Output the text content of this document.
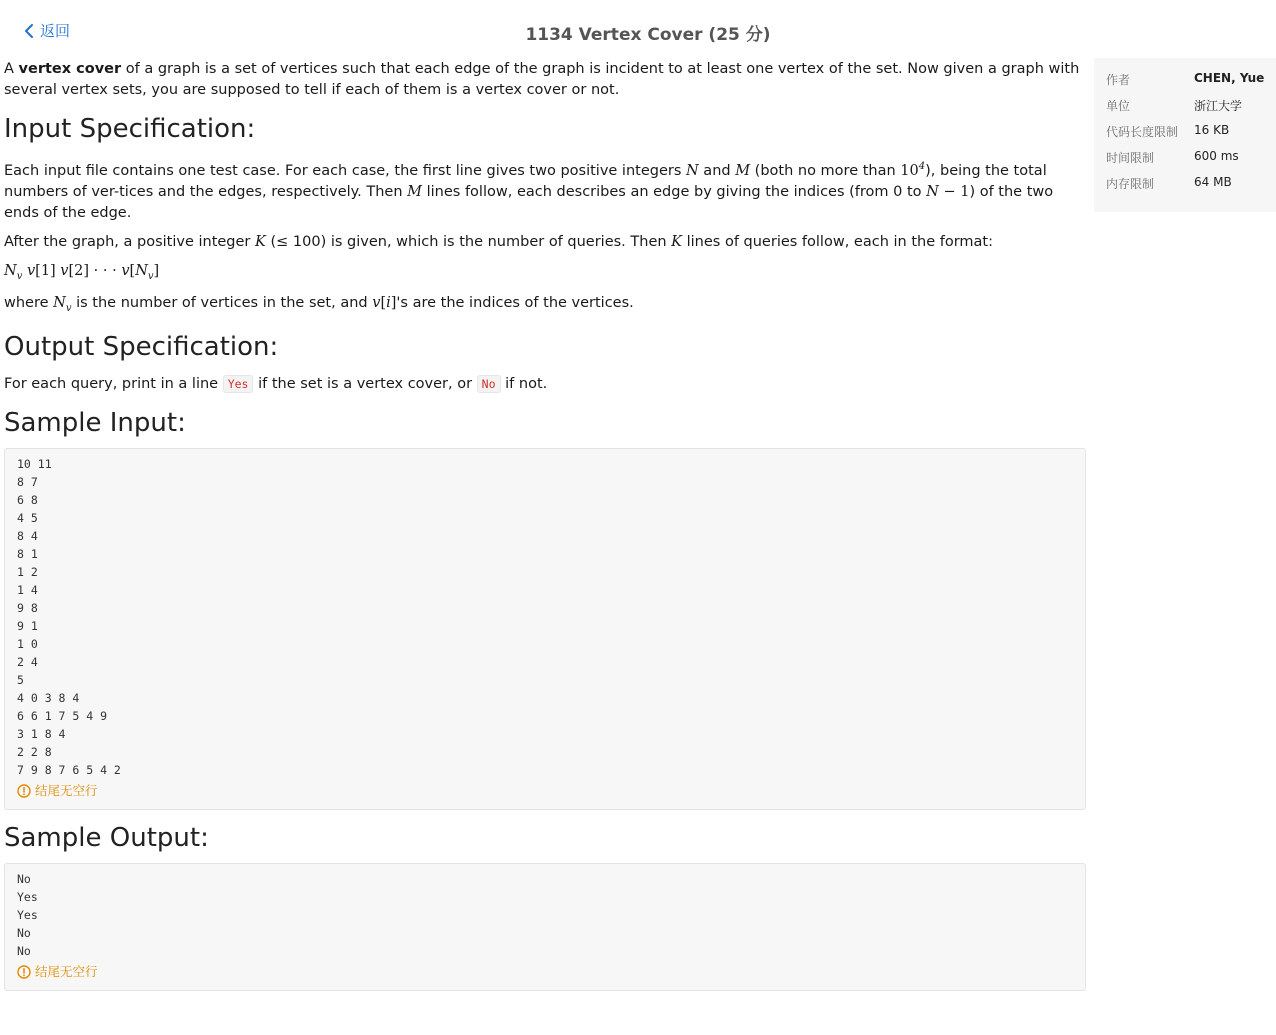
返回	1134 Vertex Cover (25 分)
作者	CHEN, Yue
单位	浙江大学
代码长度限制	16 KB
时间限制	600 ms
内存限制	64 MB

A vertex cover of a graph is a set of vertices such that each edge of the graph is incident to at least one vertex of the set. Now given a graph with several vertex sets, you are supposed to tell if each of them is a vertex cover or not.

Input Specification:

Each input file contains one test case. For each case, the first line gives two positive integers N and M (both no more than $10^4$), being the total numbers of ver-tices and the edges, respectively. Then M lines follow, each describes an edge by giving the indices (from 0 to N − 1) of the two ends of the edge.

After the graph, a positive integer K (≤ 100) is given, which is the number of queries. Then K lines of queries follow, each in the format:

$N_v$ v[1] v[2] · · · $v[N_v]$

where $N_v$ is the number of vertices in the set, and v[i]'s are the indices of the vertices.

Output Specification:

For each query, print in a line Yes if the set is a vertex cover, or No if not.

Sample Input:
10 11
8 7
6 8
4 5
8 4
8 1
1 2
1 4
9 8
9 1
1 0
2 4
5
4 0 3 8 4
6 6 1 7 5 4 9
3 1 8 4
2 2 8
7 9 8 7 6 5 4 2
结尾无空行
Sample Output:
No
Yes
Yes
No
No
结尾无空行
